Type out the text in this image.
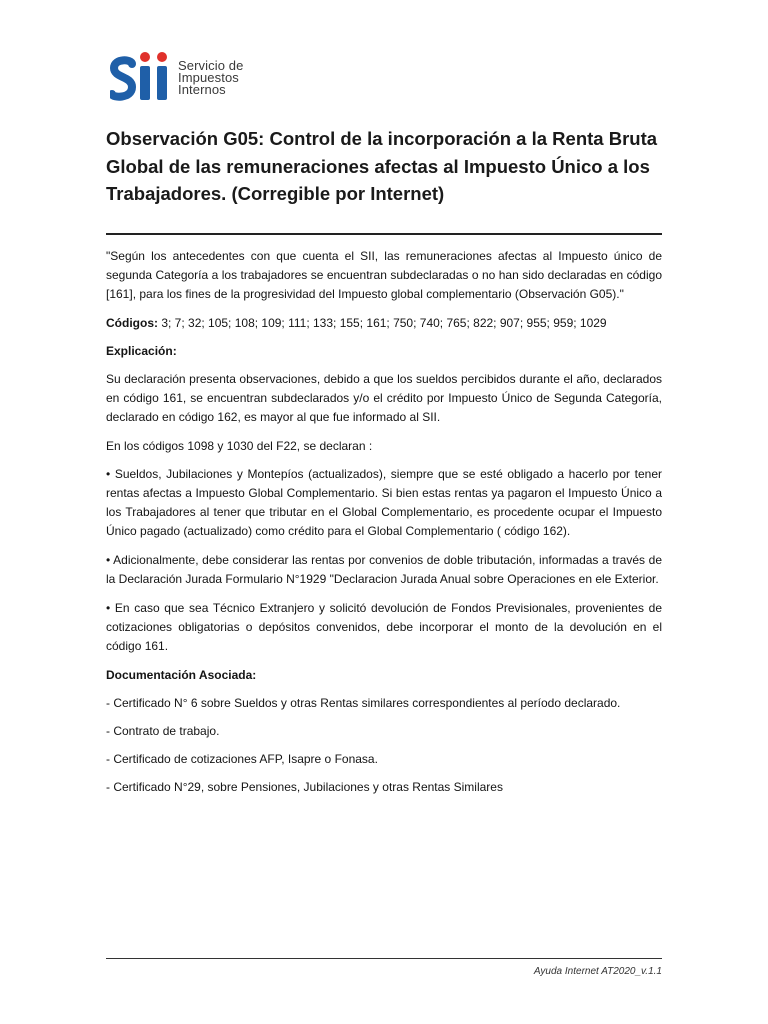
Servicio de
Impuestos
Internos
Observación G05: Control de la incorporación a la Renta Bruta Global de las remuneraciones afectas al Impuesto Único a los Trabajadores. (Corregible por Internet)

"Según los antecedentes con que cuenta el SII, las remuneraciones afectas al Impuesto único de segunda Categoría a los trabajadores se encuentran subdeclaradas o no han sido declaradas en código [161], para los fines de la progresividad del Impuesto global complementario (Observación G05)."

Códigos: 3; 7; 32; 105; 108; 109; 111; 133; 155; 161; 750; 740; 765; 822; 907; 955; 959; 1029

Explicación:

Su declaración presenta observaciones, debido a que los sueldos percibidos durante el año, declarados en código 161, se encuentran subdeclarados y/o el crédito por Impuesto Único de Segunda Categoría, declarado en código 162, es mayor al que fue informado al SII.

En los códigos 1098 y 1030 del F22, se declaran :

• Sueldos, Jubilaciones y Montepíos (actualizados), siempre que se esté obligado a hacerlo por tener rentas afectas a Impuesto Global Complementario. Si bien estas rentas ya pagaron el Impuesto Único a los Trabajadores al tener que tributar en el Global Complementario, es procedente ocupar el Impuesto Único pagado (actualizado) como crédito para el Global Complementario ( código 162).

• Adicionalmente, debe considerar las rentas por convenios de doble tributación, informadas a través de la Declaración Jurada Formulario N°1929 "Declaracion Jurada Anual sobre Operaciones en ele Exterior.

• En caso que sea Técnico Extranjero y solicitó devolución de Fondos Previsionales, provenientes de cotizaciones obligatorias o depósitos convenidos, debe incorporar el monto de la devolución en el código 161.

Documentación Asociada:

- Certificado N° 6 sobre Sueldos y otras Rentas similares correspondientes al período declarado.

- Contrato de trabajo.

- Certificado de cotizaciones AFP, Isapre o Fonasa.

- Certificado N°29, sobre Pensiones, Jubilaciones y otras Rentas Similares

Ayuda Internet AT2020_v.1.1
